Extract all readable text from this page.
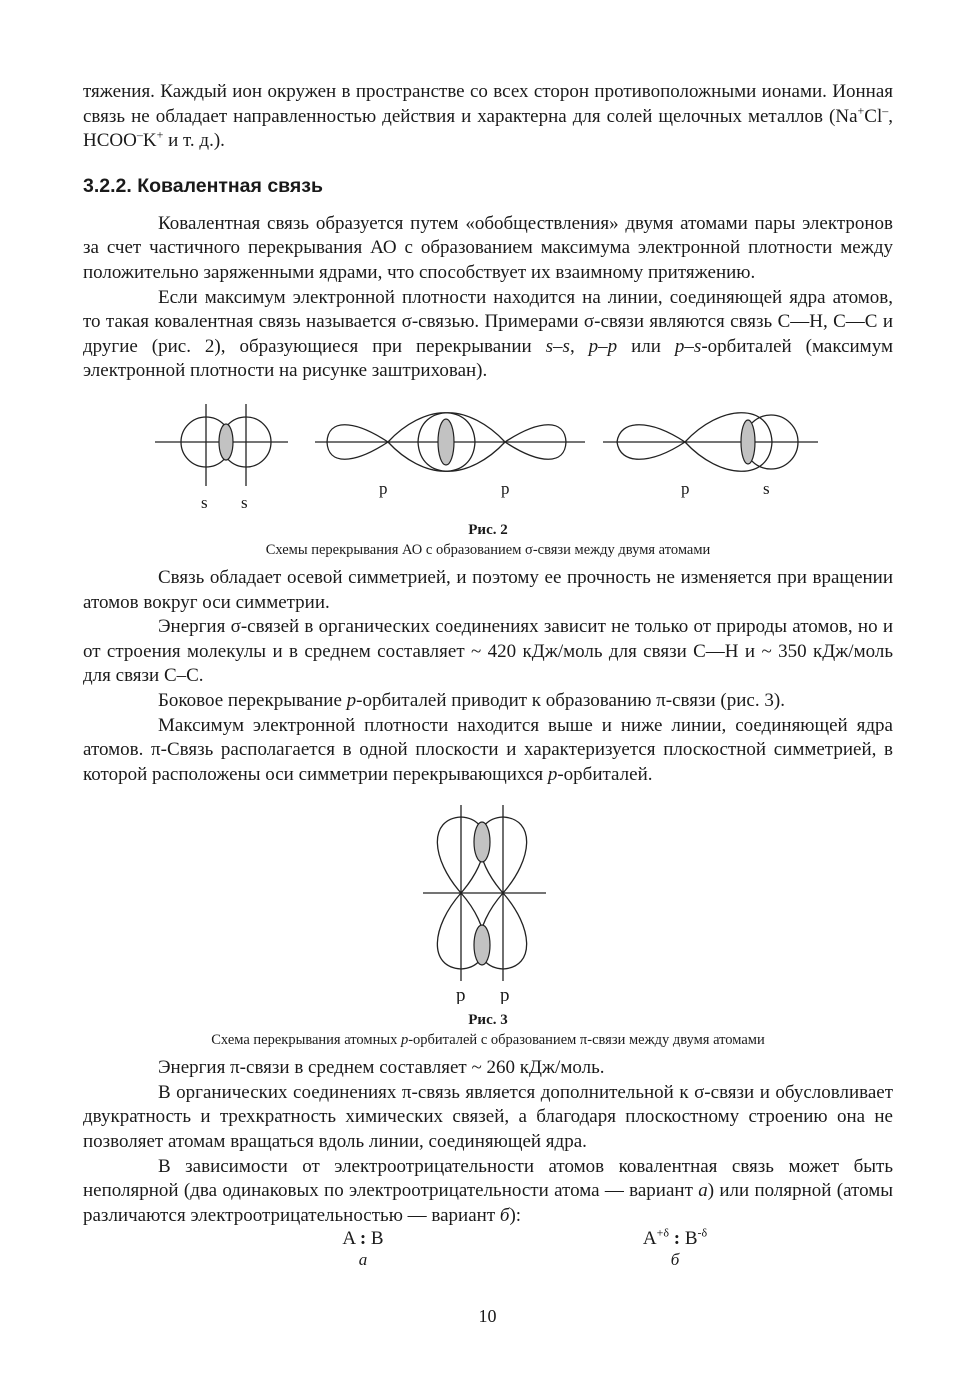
тяжения. Каждый ион окружен в пространстве со всех сторон противоположными ионами. Ионная связь не обладает направленностью действия и характерна для солей щелочных металлов (Na+Cl–, HCOO–K+ и т. д.).

3.2.2. Ковалентная связь

Ковалентная связь образуется путем «обобществления» двумя атомами пары электронов за счет частичного перекрывания АО с образованием максимума электронной плотности между положительно заряженными ядрами, что способствует их взаимному притяжению.

Если максимум электронной плотности находится на линии, соединяющей ядра атомов, то такая ковалентная связь называется σ-связью. Примерами σ-связи являются связь С—Н, С—С и другие (рис. 2), образующиеся при перекрывании s–s, p–p или p–s-орбиталей (максимум электронной плотности на рисунке заштрихован).

s s
p	p	p	s
Рис. 2
Схемы перекрывания АО с образованием σ-связи между двумя атомами

Связь обладает осевой симметрией, и поэтому ее прочность не изменяется при вращении атомов вокруг оси симметрии.

Энергия σ-связей в органических соединениях зависит не только от природы атомов, но и от строения молекулы и в среднем составляет ~ 420 кДж/моль для связи С—Н и ~ 350 кДж/моль для связи С–С.

Боковое перекрывание p-орбиталей приводит к образованию π-связи (рис. 3).

Максимум электронной плотности находится выше и ниже линии, соединяющей ядра атомов. π-Связь располагается в одной плоскости и характеризуется плоскостной симметрией, в которой расположены оси симметрии перекрывающихся p-орбиталей.

p p
Рис. 3
Схема перекрывания атомных p-орбиталей с образованием π-связи между двумя атомами

Энергия π-связи в среднем составляет ~ 260 кДж/моль.

В органических соединениях π-связь является дополнительной к σ-связи и обусловливает двукратность и трехкратность химических связей, а благодаря плоскостному строению она не позволяет атомам вращаться вдоль линии, соединяющей ядра.

В зависимости от электроотрицательности атомов ковалентная связь может быть неполярной (два одинаковых по электроотрицательности атома — вариант а) или полярной (атомы различаются электроотрицательностью — вариант б):

A : B
а
$A^{+\delta}$ : $B^{-\delta}$
б
10
